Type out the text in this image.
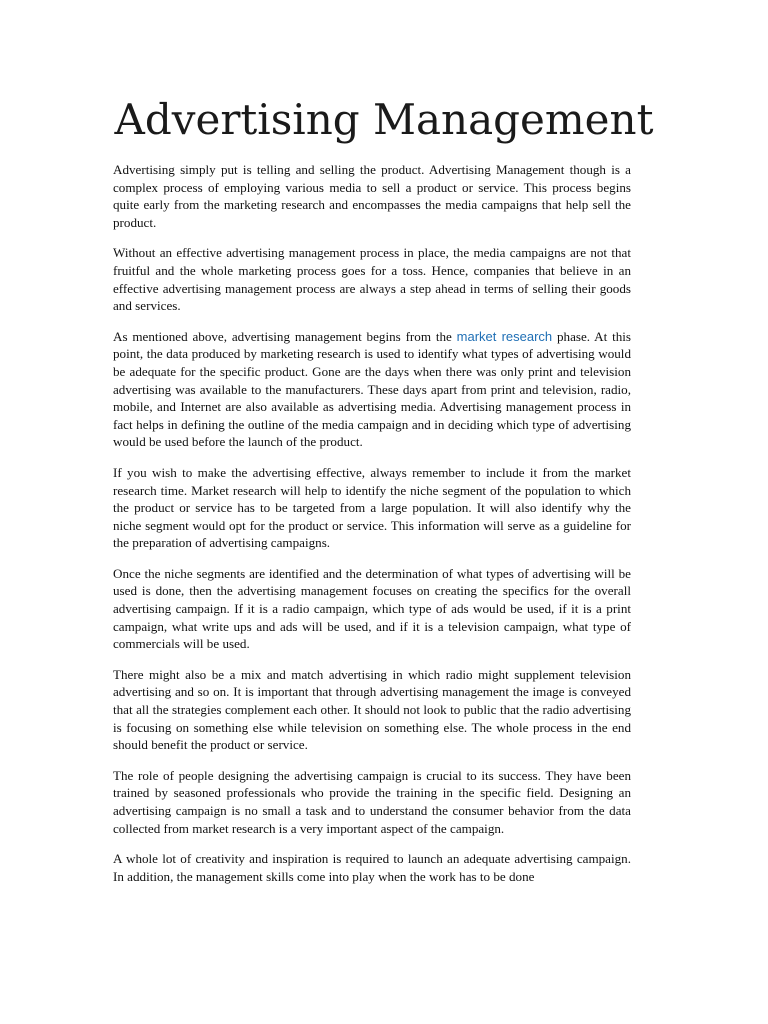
Advertising Management

Advertising simply put is telling and selling the product. Advertising Management though is a complex process of employing various media to sell a product or service. This process begins quite early from the marketing research and encompasses the media campaigns that help sell the product.

Without an effective advertising management process in place, the media campaigns are not that fruitful and the whole marketing process goes for a toss. Hence, companies that believe in an effective advertising management process are always a step ahead in terms of selling their goods and services.

As mentioned above, advertising management begins from the market research phase. At this point, the data produced by marketing research is used to identify what types of advertising would be adequate for the specific product. Gone are the days when there was only print and television advertising was available to the manufacturers. These days apart from print and television, radio, mobile, and Internet are also available as advertising media. Advertising management process in fact helps in defining the outline of the media campaign and in deciding which type of advertising would be used before the launch of the product.

If you wish to make the advertising effective, always remember to include it from the market research time. Market research will help to identify the niche segment of the population to which the product or service has to be targeted from a large population. It will also identify why the niche segment would opt for the product or service. This information will serve as a guideline for the preparation of advertising campaigns.

Once the niche segments are identified and the determination of what types of advertising will be used is done, then the advertising management focuses on creating the specifics for the overall advertising campaign. If it is a radio campaign, which type of ads would be used, if it is a print campaign, what write ups and ads will be used, and if it is a television campaign, what type of commercials will be used.

There might also be a mix and match advertising in which radio might supplement television advertising and so on. It is important that through advertising management the image is conveyed that all the strategies complement each other. It should not look to public that the radio advertising is focusing on something else while television on something else. The whole process in the end should benefit the product or service.

The role of people designing the advertising campaign is crucial to its success. They have been trained by seasoned professionals who provide the training in the specific field. Designing an advertising campaign is no small a task and to understand the consumer behavior from the data collected from market research is a very important aspect of the campaign.

A whole lot of creativity and inspiration is required to launch an adequate advertising campaign. In addition, the management skills come into play when the work has to be done
